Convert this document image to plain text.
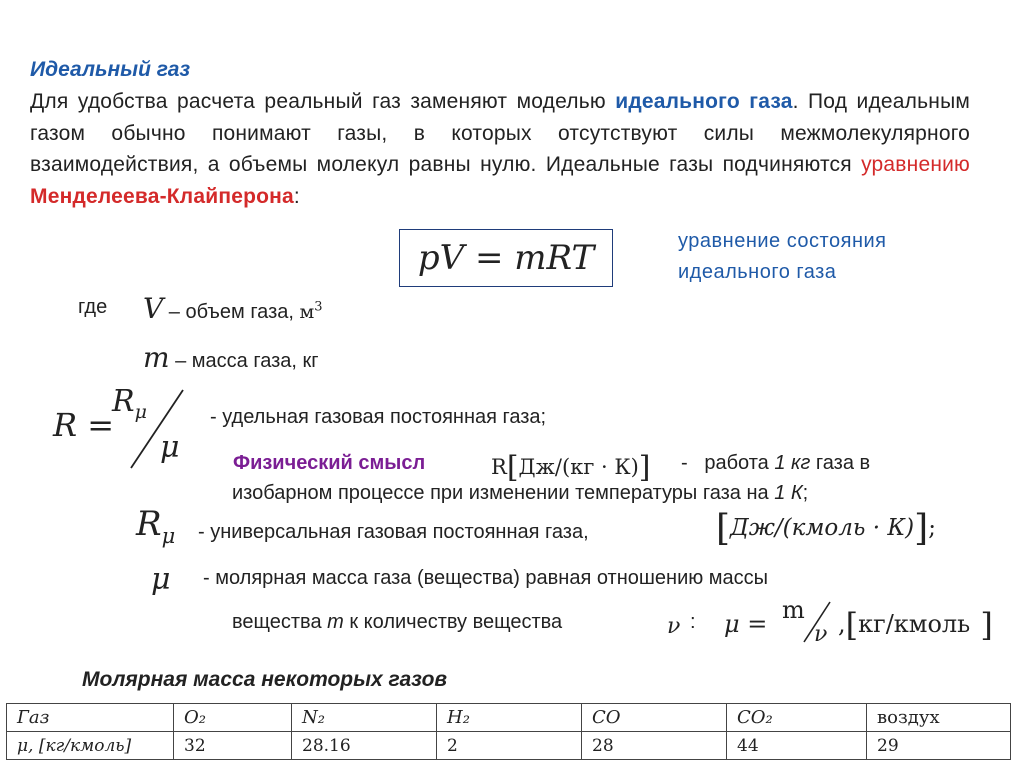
Идеальный газ
Для удобства расчета реальный газ заменяют моделью идеального газа. Под идеальным газом обычно понимают газы, в которых отсутствуют силы межмолекулярного взаимодействия, а объемы молекул равны нулю. Идеальные газы подчиняются уравнению Менделеева-Клайперона:
pV = mRT	уравнение состояния
идеального газа
где V – объем газа, $м^3$
m – масса газа, кг
R =
$R_\mu$
μ
- удельная газовая постоянная газа;
Физический смысл	R[Дж/(кг · К)] - работа 1 кг газа в
изобарном процессе при изменении температуры газа на 1 К;
$R_\mu$ - универсальная газовая постоянная газа,	[Дж/(кмоль · К)];
μ - молярная масса газа (вещества) равная отношению массы
вещества m к количеству вещества	ν : μ = m
ν ,[кг/кмоль ]
Молярная масса некоторых газов
Газ	O₂	N₂	H₂	CO	CO₂	воздух
μ, [кг/кмоль]	32	28.16	2	28	44	29
